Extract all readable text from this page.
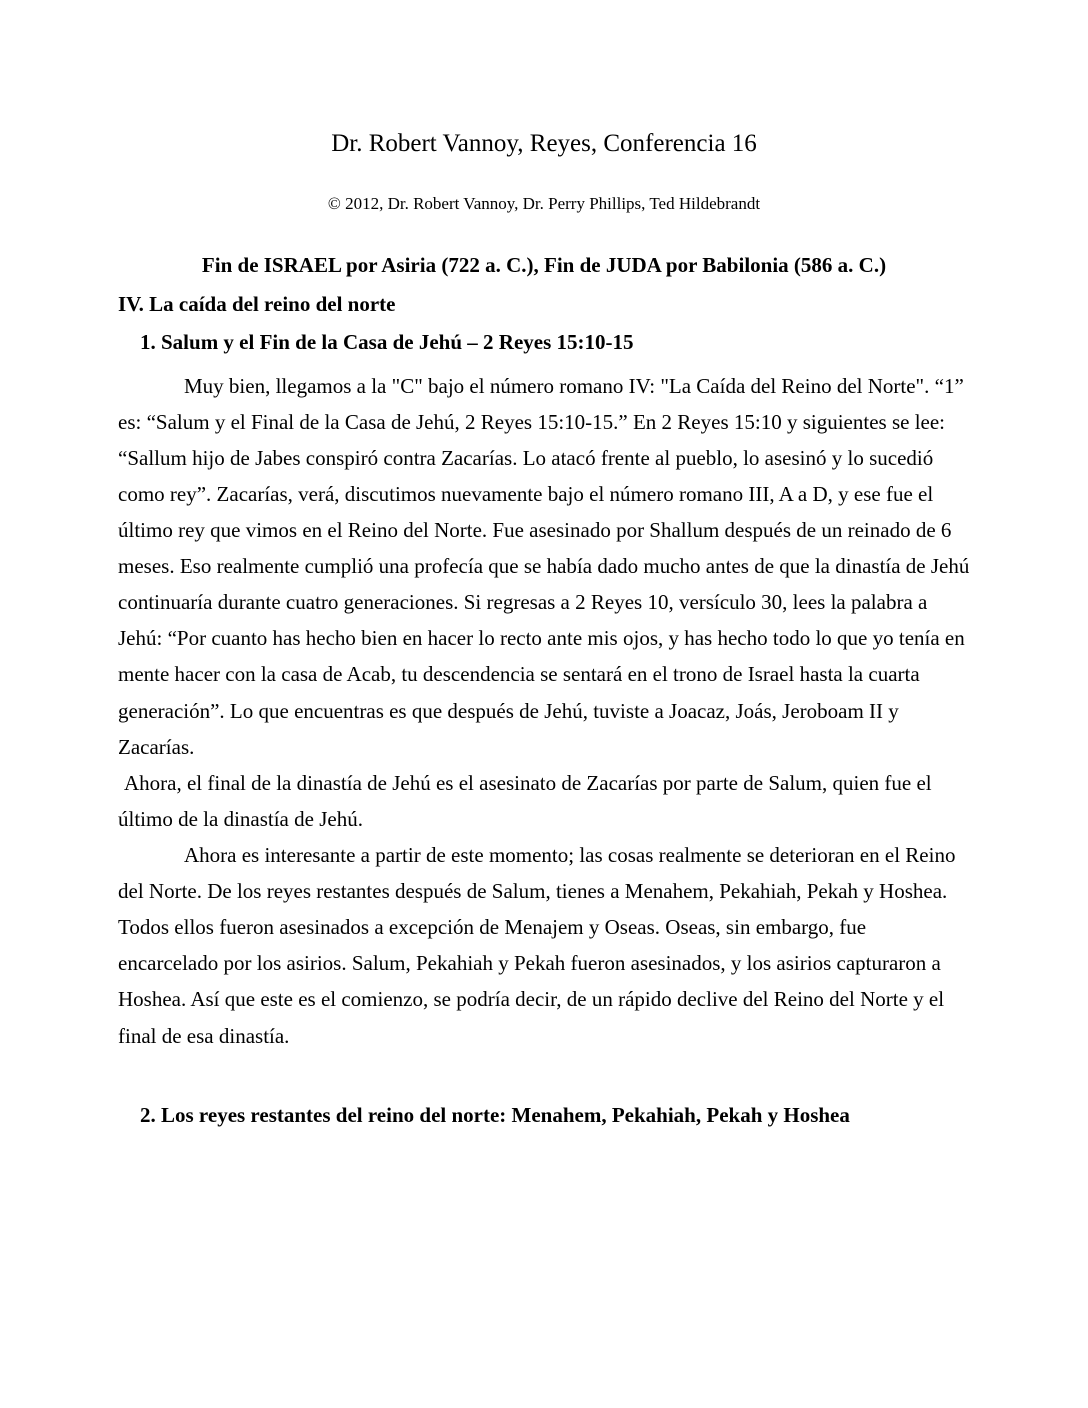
Dr. Robert Vannoy, Reyes, Conferencia 16
© 2012, Dr. Robert Vannoy, Dr. Perry Phillips, Ted Hildebrandt
Fin de ISRAEL por Asiria (722 a. C.), Fin de JUDA por Babilonia (586 a. C.)
IV. La caída del reino del norte
1. Salum y el Fin de la Casa de Jehú – 2 Reyes 15:10-15

Muy bien, llegamos a la "C" bajo el número romano IV: "La Caída del Reino del Norte". “1” es: “Salum y el Final de la Casa de Jehú, 2 Reyes 15:10-15.” En 2 Reyes 15:10 y siguientes se lee: “Sallum hijo de Jabes conspiró contra Zacarías. Lo atacó frente al pueblo, lo asesinó y lo sucedió como rey”. Zacarías, verá, discutimos nuevamente bajo el número romano III, A a D, y ese fue el último rey que vimos en el Reino del Norte. Fue asesinado por Shallum después de un reinado de 6 meses. Eso realmente cumplió una profecía que se había dado mucho antes de que la dinastía de Jehú continuaría durante cuatro generaciones. Si regresas a 2 Reyes 10, versículo 30, lees la palabra a Jehú: “Por cuanto has hecho bien en hacer lo recto ante mis ojos, y has hecho todo lo que yo tenía en mente hacer con la casa de Acab, tu descendencia se sentará en el trono de Israel hasta la cuarta generación”. Lo que encuentras es que después de Jehú, tuviste a Joacaz, Joás, Jeroboam II y Zacarías.

Ahora, el final de la dinastía de Jehú es el asesinato de Zacarías por parte de Salum, quien fue el último de la dinastía de Jehú.

Ahora es interesante a partir de este momento; las cosas realmente se deterioran en el Reino del Norte. De los reyes restantes después de Salum, tienes a Menahem, Pekahiah, Pekah y Hoshea. Todos ellos fueron asesinados a excepción de Menajem y Oseas. Oseas, sin embargo, fue encarcelado por los asirios. Salum, Pekahiah y Pekah fueron asesinados, y los asirios capturaron a Hoshea. Así que este es el comienzo, se podría decir, de un rápido declive del Reino del Norte y el final de esa dinastía.

2. Los reyes restantes del reino del norte: Menahem, Pekahiah, Pekah y Hoshea
